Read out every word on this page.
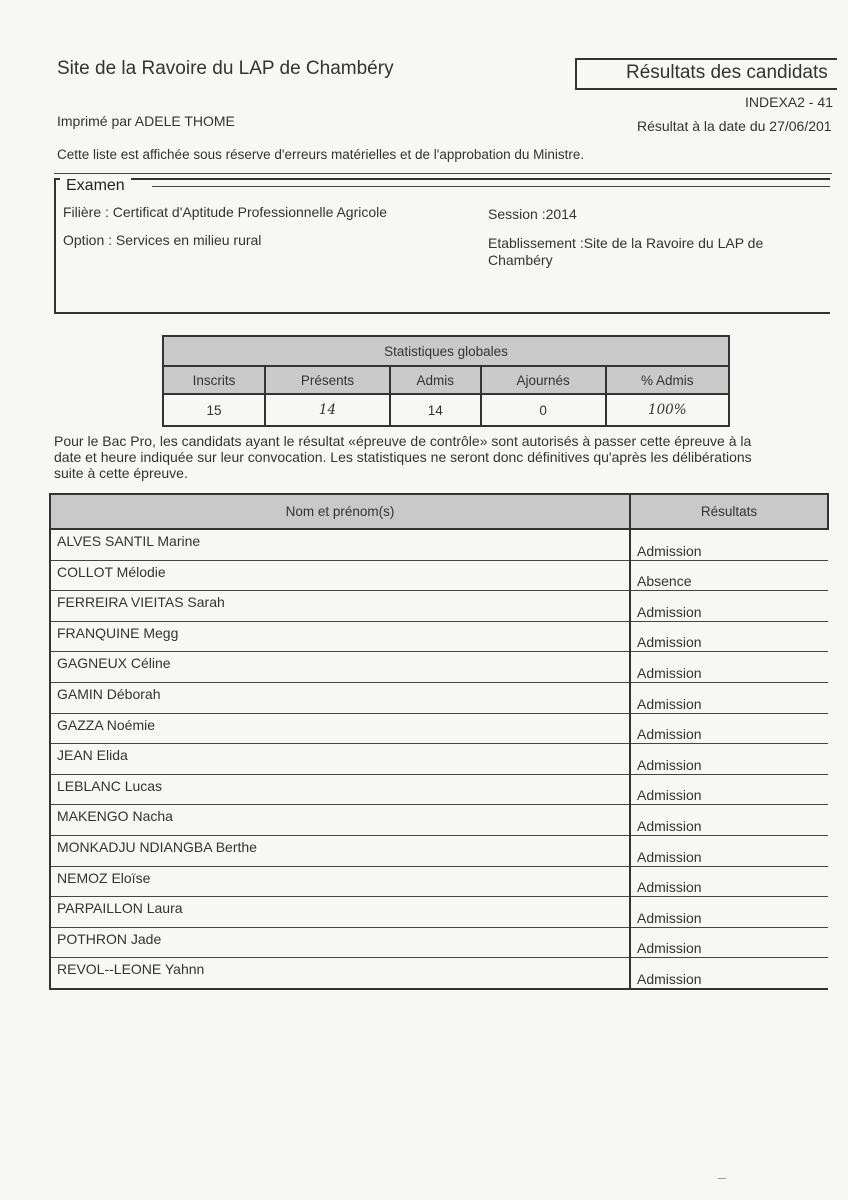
Site de la Ravoire du LAP de Chambéry	Résultats des candidats
INDEXA2 - 41
Imprimé par ADELE THOME	Résultat à la date du 27/06/201
Cette liste est affichée sous réserve d'erreurs matérielles et de l'approbation du Ministre.
Examen
Filière : Certificat d'Aptitude Professionnelle Agricole
Option : Services en milieu rural
Session :2014
Etablissement :Site de la Ravoire du LAP de Chambéry
Statistiques globales				
Inscrits	Présents	Admis	Ajournés	% Admis
15	14	14	0	100%
Pour le Bac Pro, les candidats ayant le résultat «épreuve de contrôle» sont autorisés à passer cette épreuve à la date et heure indiquée sur leur convocation. Les statistiques ne seront donc définitives qu'après les délibérations suite à cette épreuve.
Nom et prénom(s)	Résultats
ALVES SANTIL Marine	Admission
COLLOT Mélodie	Absence
FERREIRA VIEITAS Sarah	Admission
FRANQUINE Megg	Admission
GAGNEUX Céline	Admission
GAMIN Déborah	Admission
GAZZA Noémie	Admission
JEAN Elida	Admission
LEBLANC Lucas	Admission
MAKENGO Nacha	Admission
MONKADJU NDIANGBA Berthe	Admission
NEMOZ Eloïse	Admission
PARPAILLON Laura	Admission
POTHRON Jade	Admission
REVOL--LEONE Yahnn	Admission
